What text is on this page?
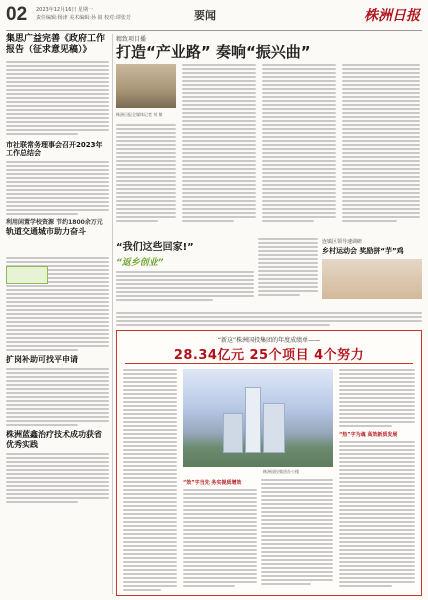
02 2023年12月16日 星期一
责任编辑:杨津 美术编辑:孙 叙 校对:谭张芳	要闻	株洲日报
集思广益完善《政府工作报告（征求意见稿）》
市社联常务理事会召开2023年工作总结会
利用闲置学校资源 节约1800余万元
轨道交通城市助力奋斗
扩岗补助可找平申请
株洲蓝鑫治疗技术成功获省优秀实践
精致项目播
打造“产业路” 奏响“振兴曲”
株洲日报全媒体记者 刘 敏
“我们这些回家!”
“返乡创业”
连镇区领导速调研
乡村运动会 奖励拼“芋”鸡
“新这”株洲国投集团的年度成绩单——
28.34亿元 25个项目 4个努力
株洲国投集团办公楼
“热”字为魂 高效新质发展
“效”字当先 务实提质增效
